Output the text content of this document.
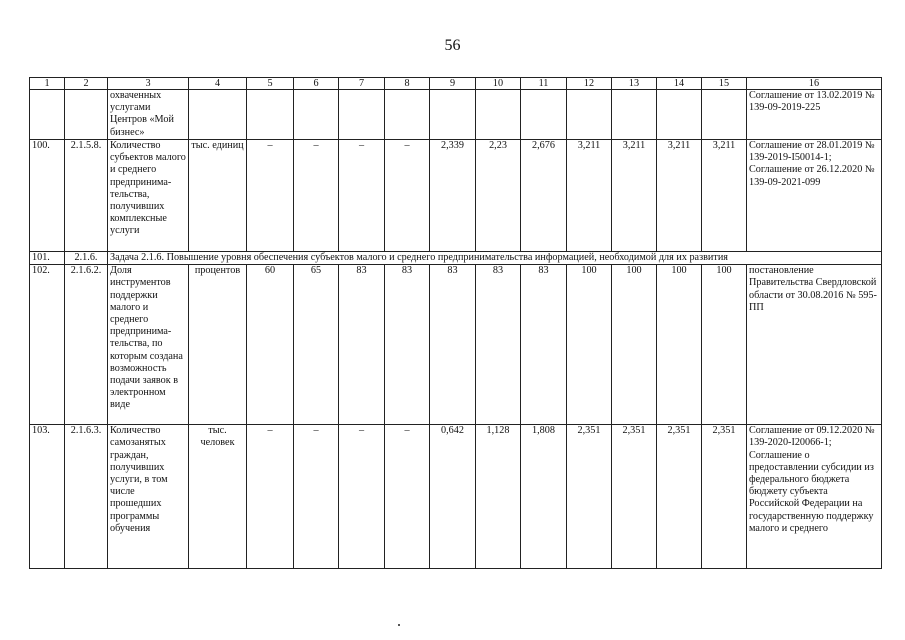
56
1	2	3	4	5	6	7	8	9	10	11	12	13	14	15	16
		охваченных услугами Центров «Мой бизнес»													Соглашение от 13.02.2019 № 139-09-2019-225
100.	2.1.5.8.	Количество субъектов малого и среднего предпринима-тельства, получивших комплексные услуги	тыс. единиц	–	–	–	–	2,339	2,23	2,676	3,211	3,211	3,211	3,211	Соглашение от 28.01.2019 № 139-2019-I50014-1; Соглашение от 26.12.2020 № 139-09-2021-099
101.	2.1.6.	Задача 2.1.6. Повышение уровня обеспечения субъектов малого и среднего предпринимательства информацией, необходимой для их развития													
102.	2.1.6.2.	Доля инструментов поддержки малого и среднего предпринима-тельства, по которым создана возможность подачи заявок в электронном виде	процентов	60	65	83	83	83	83	83	100	100	100	100	постановление Правительства Свердловской области от 30.08.2016 № 595-ПП
103.	2.1.6.3.	Количество самозанятых граждан, получивших услуги, в том числе прошедших программы обучения	тыс. человек	–	–	–	–	0,642	1,128	1,808	2,351	2,351	2,351	2,351	Соглашение от 09.12.2020 № 139-2020-I20066-1; Соглашение о предоставлении субсидии из федерального бюджета бюджету субъекта Российской Федерации на государственную поддержку малого и среднего
